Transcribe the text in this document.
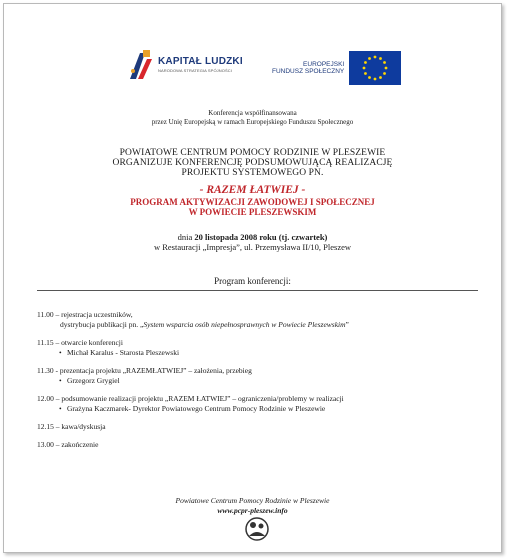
KAPITAŁ LUDZKI
NARODOWA STRATEGIA SPÓJNOŚCI
EUROPEJSKI
FUNDUSZ SPOŁECZNY
Konferencja współfinansowana
przez Unię Europejską w ramach Europejskiego Funduszu Społecznego
POWIATOWE CENTRUM POMOCY RODZINIE W PLESZEWIE
ORGANIZUJE KONFERENCJĘ PODSUMOWUJĄCĄ REALIZACJĘ
PROJEKTU SYSTEMOWEGO PN.
- RAZEM ŁATWIEJ -
PROGRAM AKTYWIZACJI ZAWODOWEJ I SPOŁECZNEJ
W POWIECIE PLESZEWSKIM
dnia 20 listopada 2008 roku (tj. czwartek)
w Restauracji „Impresja”, ul. Przemysława II/10, Pleszew
Program konferencji:
11.00 – rejestracja uczestników,
dystrybucja publikacji pn. „System wsparcia osób niepełnosprawnych w Powiecie Pleszewskim”
11.15 – otwarcie konferencji
• Michał Karalus - Starosta Pleszewski
11.30 - prezentacja projektu „RAZEMŁATWIEJ” – założenia, przebieg
• Grzegorz Grygiel
12.00 – podsumowanie realizacji projektu „RAZEM ŁATWIEJ” – ograniczenia/problemy w realizacji
• Grażyna Kaczmarek- Dyrektor Powiatowego Centrum Pomocy Rodzinie w Pleszewie
12.15 – kawa/dyskusja
13.00 – zakończenie
Powiatowe Centrum Pomocy Rodzinie w Pleszewie
www.pcpr-pleszew.info
